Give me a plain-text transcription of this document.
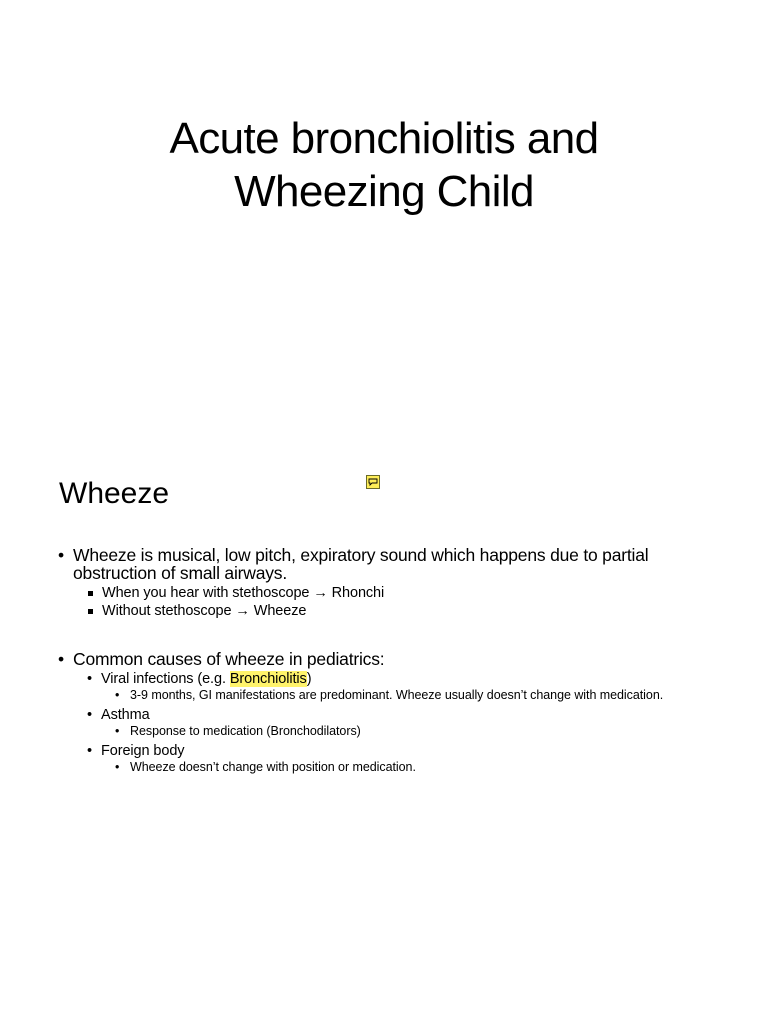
Acute bronchiolitis and
Wheezing Child
Wheeze
• Wheeze is musical, low pitch, expiratory sound which happens due to partial obstruction of small airways.
When you hear with stethoscope → Rhonchi
Without stethoscope → Wheeze
• Common causes of wheeze in pediatrics:
• Viral infections (e.g. Bronchiolitis)
• 3-9 months, GI manifestations are predominant. Wheeze usually doesn’t change with medication.
• Asthma
• Response to medication (Bronchodilators)
• Foreign body
• Wheeze doesn’t change with position or medication.
